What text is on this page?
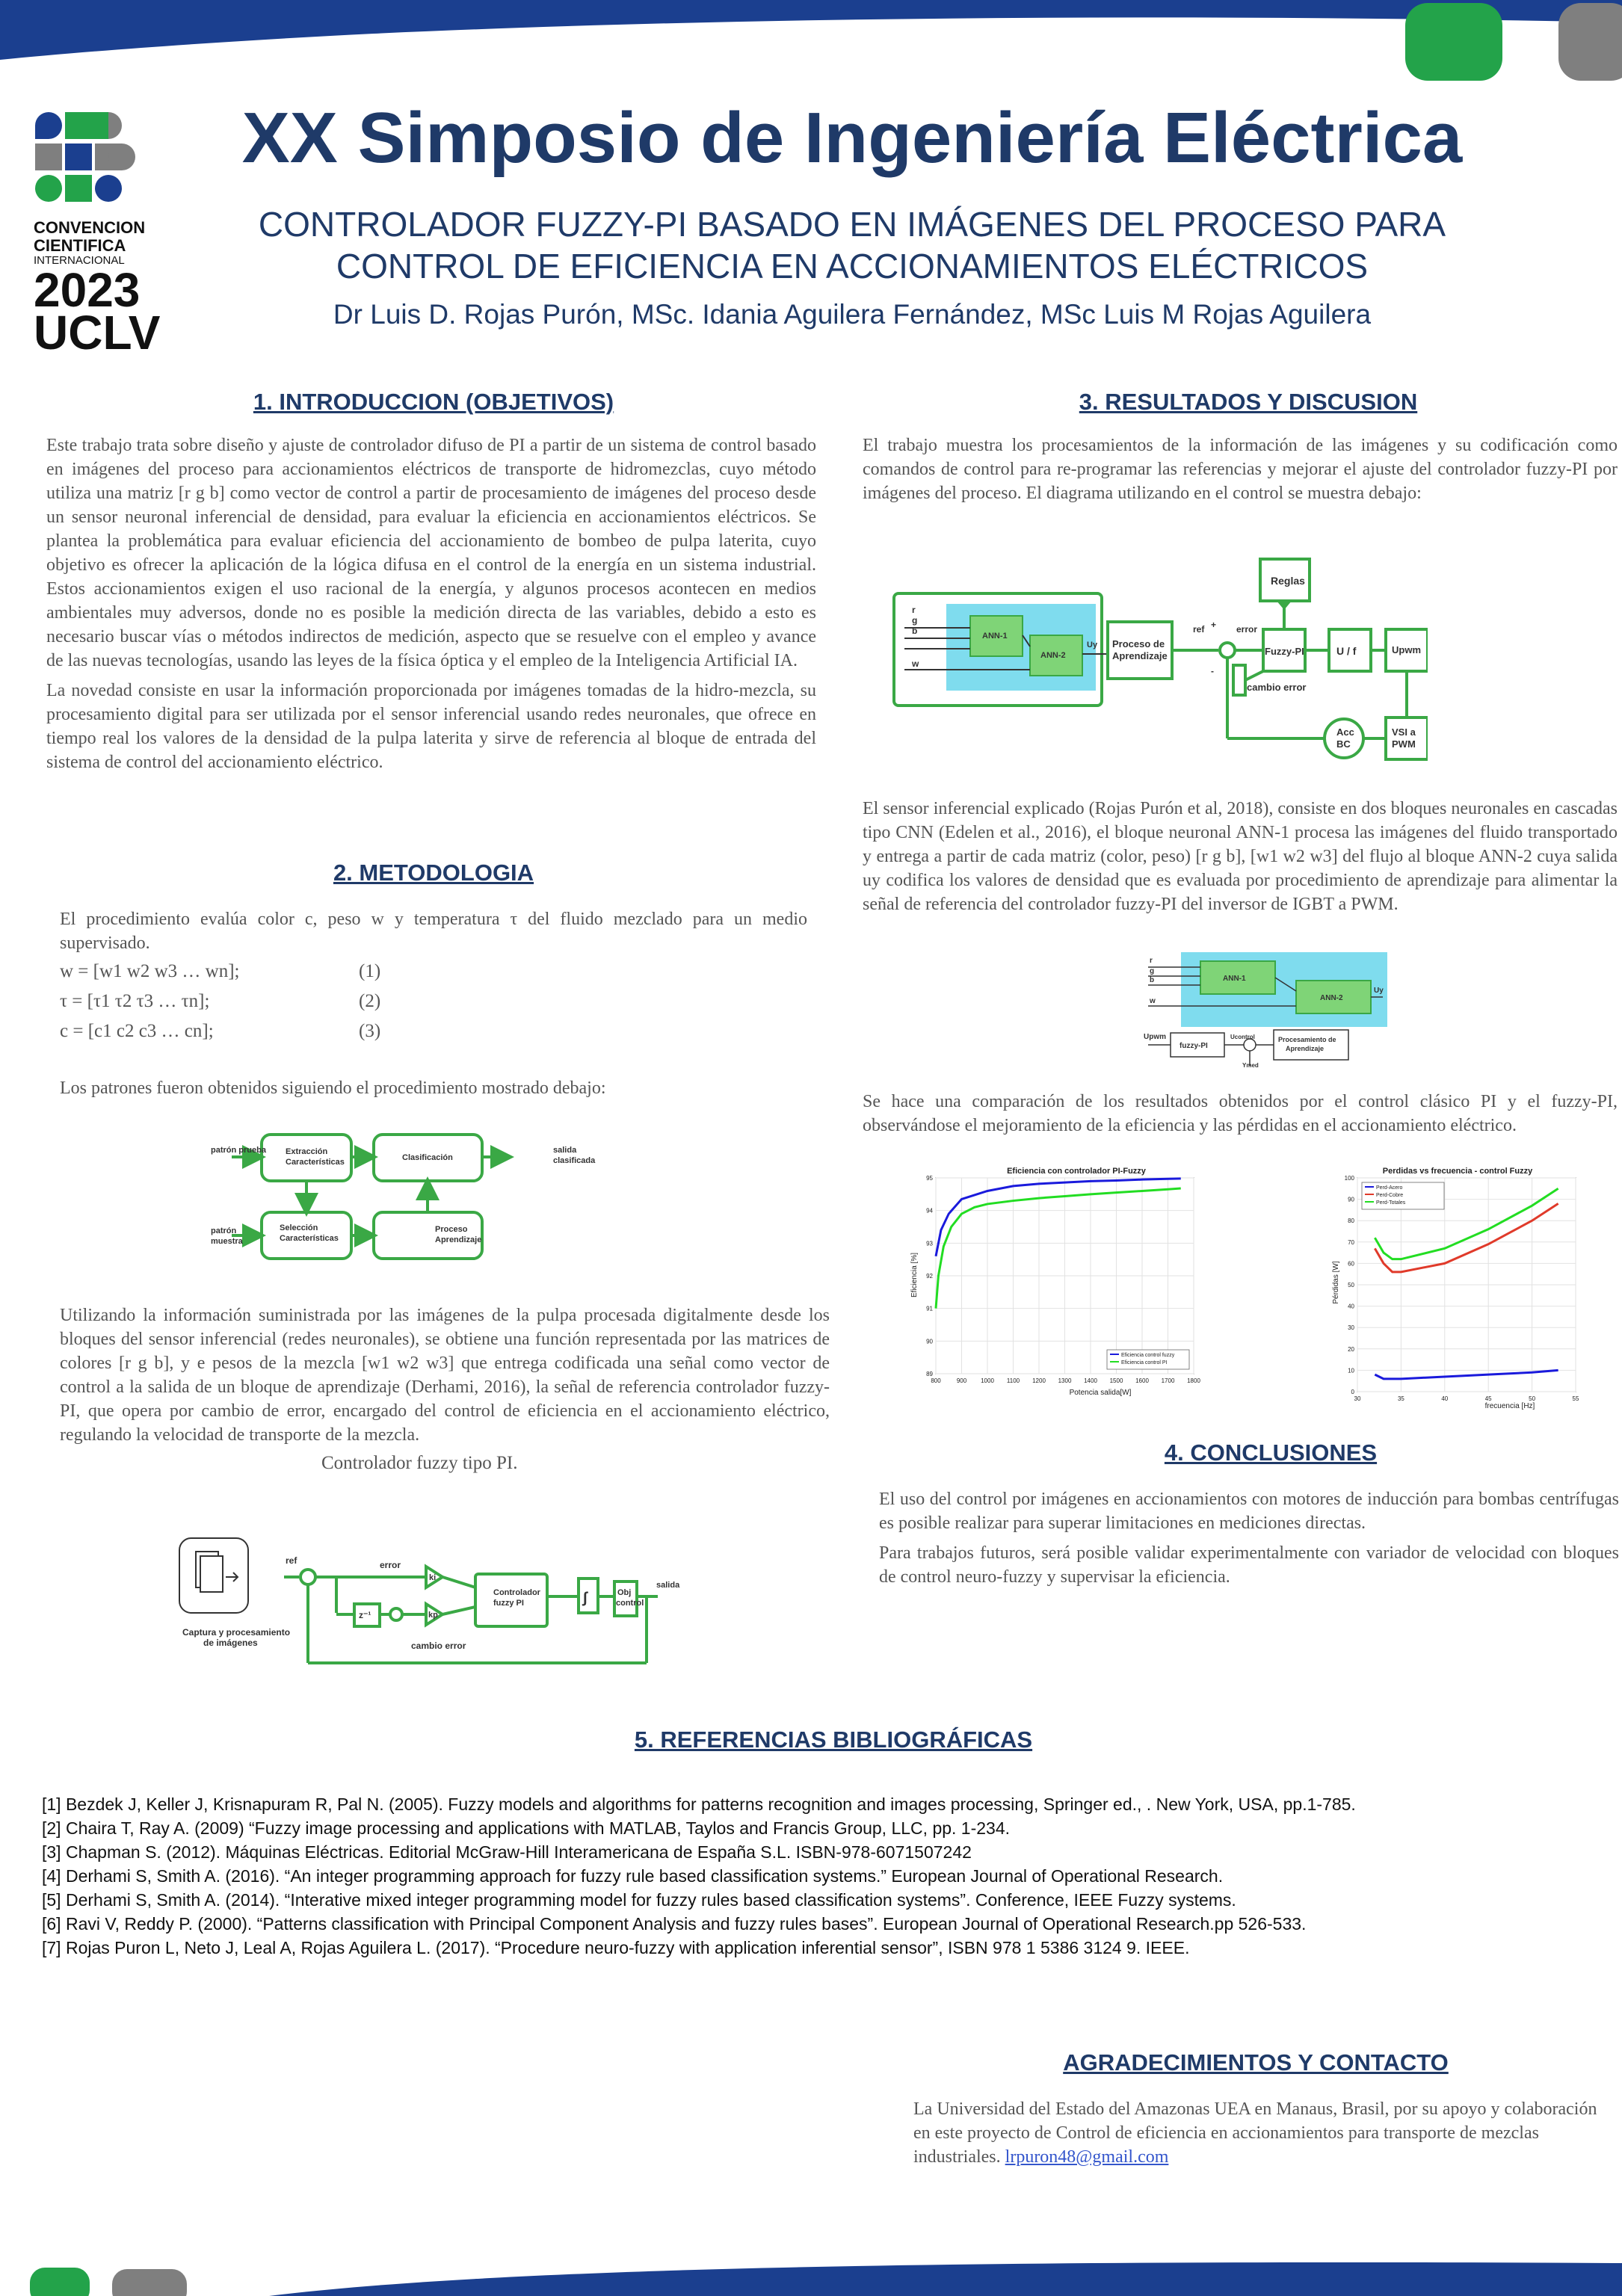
CONVENCION
CIENTIFICA
INTERNACIONAL
2023
UCLV
XX Simposio de Ingeniería Eléctrica
CONTROLADOR FUZZY-PI BASADO EN IMÁGENES DEL PROCESO PARA
CONTROL DE EFICIENCIA EN ACCIONAMIENTOS ELÉCTRICOS
Dr Luis D. Rojas Purón, MSc. Idania Aguilera Fernández, MSc Luis M Rojas Aguilera
1. INTRODUCCION (OBJETIVOS)

Este trabajo trata sobre diseño y ajuste de controlador difuso de PI a partir de un sistema de control basado en imágenes del proceso para accionamientos eléctricos de transporte de hidromezclas, cuyo método utiliza una matriz [r g b] como vector de control a partir de procesamiento de imágenes del proceso desde un sensor neuronal inferencial de densidad, para evaluar la eficiencia en accionamientos eléctricos. Se plantea la problemática para evaluar eficiencia del accionamiento de bombeo de pulpa laterita, cuyo objetivo es ofrecer la aplicación de la lógica difusa en el control de la energía en un sistema industrial. Estos accionamientos exigen el uso racional de la energía, y algunos procesos acontecen en medios ambientales muy adversos, donde no es posible la medición directa de las variables, debido a esto es necesario buscar vías o métodos indirectos de medición, aspecto que se resuelve con el empleo y avance de las nuevas tecnologías, usando las leyes de la física óptica y el empleo de la Inteligencia Artificial IA.

La novedad consiste en usar la información proporcionada por imágenes tomadas de la hidro-mezcla, su procesamiento digital para ser utilizada por el sensor inferencial usando redes neuronales, que ofrece en tiempo real los valores de la densidad de la pulpa laterita y sirve de referencia al bloque de entrada del sistema de control del accionamiento eléctrico.

2. METODOLOGIA
El procedimiento evalúa color c, peso w y temperatura τ del fluido mezclado para un medio supervisado.
w = [w1 w2 w3 … wn];	(1)
τ = [τ1 τ2 τ3 … τn];	(2)
c = [c1 c2 c3 … cn];	(3)
Los patrones fueron obtenidos siguiendo el procedimiento mostrado debajo:
patrón prueba Extracción
Características	Clasificación
salida
clasificada
patrón
muestra
Selección
Características
Proceso
Aprendizaje
Utilizando la información suministrada por las imágenes de la pulpa procesada digitalmente desde los bloques del sensor inferencial (redes neuronales), se obtiene una función representada por las matrices de colores [r g b], y e pesos de la mezcla [w1 w2 w3] que entrega codificada una señal como vector de control a la salida de un bloque de aprendizaje (Derhami, 2016), la señal de referencia controlador fuzzy-PI, que opera por cambio de error, encargado del control de eficiencia en el accionamiento eléctrico, regulando la velocidad de transporte de la mezcla.
Controlador fuzzy tipo PI.
Captura y procesamiento
de imágenes
ref	error
ki
kp
z⁻¹
Controlador
fuzzy PI	∫	Obj
control
salida
cambio error
3. RESULTADOS Y DISCUSION
El trabajo muestra los procesamientos de la información de las imágenes y su codificación como comandos de control para re-programar las referencias y mejorar el ajuste del controlador fuzzy-PI por imágenes del proceso. El diagrama utilizando en el control se muestra debajo:
r
g
b
w
ANN-1
ANN-2
Uy Proceso de
Aprendizaje
ref + error
-
Reglas
Fuzzy-PI	U / f	Upwm
cambio error
Acc
BC
VSI a
PWM
El sensor inferencial explicado (Rojas Purón et al, 2018), consiste en dos bloques neuronales en cascadas tipo CNN (Edelen et al., 2016), el bloque neuronal ANN-1 procesa las imágenes del fluido transportado y entrega a partir de cada matriz (color, peso) [r g b], [w1 w2 w3] del flujo al bloque ANN-2 cuya salida uy codifica los valores de densidad que es evaluada por procedimiento de aprendizaje para alimentar la señal de referencia del controlador fuzzy-PI del inversor de IGBT a PWM.
r
g
b
w
ANN-1
ANN-2
Uy
Upwm
fuzzy-PI
Ucontrol
Ymed
Procesamiento de
Aprendizaje
Se hace una comparación de los resultados obtenidos por el control clásico PI y el fuzzy-PI, observándose el mejoramiento de la eficiencia y las pérdidas en el accionamiento eléctrico.
Eficiencia con controlador PI-Fuzzy
Potencia salida[W]
Eficiencia [%]
800	900 1000 1100 1200 1300 1400 1500 1600 1700 1800
89
90
91
92
93
94
95
Eficiencia control fuzzy
Eficiencia control PI
Perdidas vs frecuencia - control Fuzzy
frecuencia [Hz]
Pérdidas [W]
30	35	40	45	50	55
0
10
20
30
40
50
60
70
80
90
100
Perd-Acero
Perd-Cobre
Perd-Totales
4. CONCLUSIONES

El uso del control por imágenes en accionamientos con motores de inducción para bombas centrífugas es posible realizar para superar limitaciones en mediciones directas.

Para trabajos futuros, será posible validar experimentalmente con variador de velocidad con bloques de control neuro-fuzzy y supervisar la eficiencia.

5. REFERENCIAS BIBLIOGRÁFICAS
[1] Bezdek J, Keller J, Krisnapuram R, Pal N. (2005). Fuzzy models and algorithms for patterns recognition and images processing, Springer ed., . New York, USA, pp.1-785.
[2] Chaira T, Ray A. (2009) “Fuzzy image processing and applications with MATLAB, Taylos and Francis Group, LLC, pp. 1-234.
[3] Chapman S. (2012). Máquinas Eléctricas. Editorial McGraw-Hill Interamericana de España S.L. ISBN-978-6071507242
[4] Derhami S, Smith A. (2016). “An integer programming approach for fuzzy rule based classification systems.” European Journal of Operational Research.
[5] Derhami S, Smith A. (2014). “Interative mixed integer programming model for fuzzy rules based classification systems”. Conference, IEEE Fuzzy systems.
[6] Ravi V, Reddy P. (2000). “Patterns classification with Principal Component Analysis and fuzzy rules bases”. European Journal of Operational Research.pp 526-533.
[7] Rojas Puron L, Neto J, Leal A, Rojas Aguilera L. (2017). “Procedure neuro-fuzzy with application inferential sensor”, ISBN 978 1 5386 3124 9. IEEE.
AGRADECIMIENTOS Y CONTACTO
La Universidad del Estado del Amazonas UEA en Manaus, Brasil, por su apoyo y colaboración en este proyecto de Control de eficiencia en accionamientos para transporte de mezclas industriales. lrpuron48@gmail.com
